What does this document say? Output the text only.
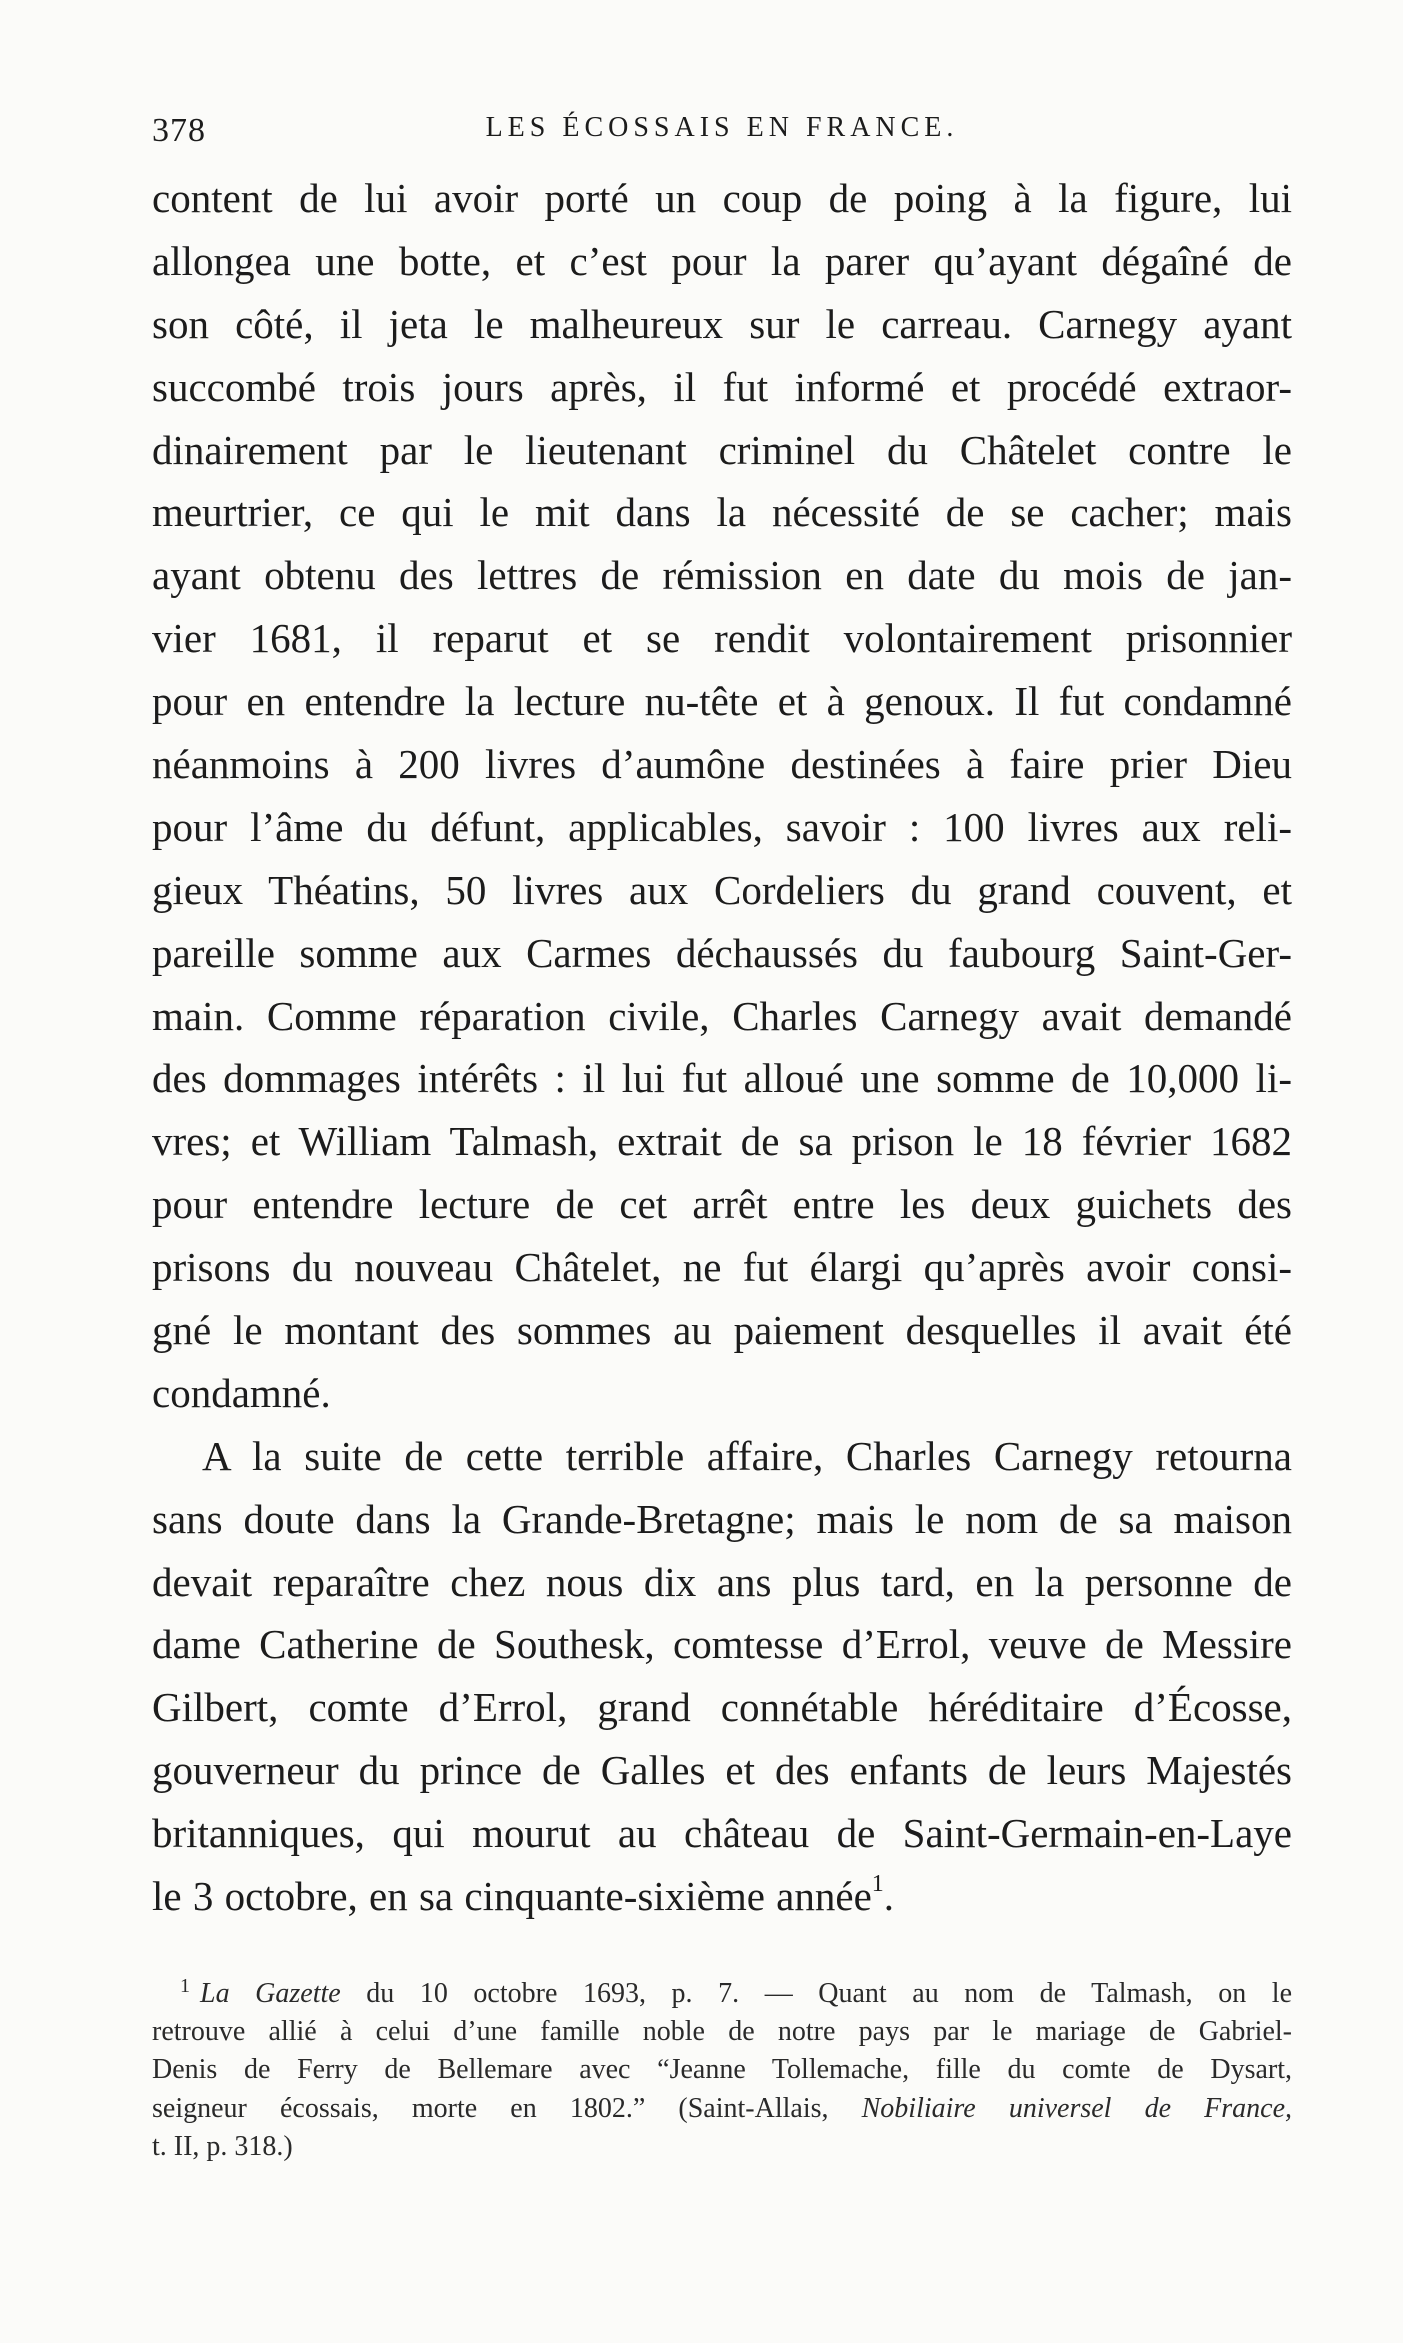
378	LES ÉCOSSAIS EN FRANCE.
content de lui avoir porté un coup de poing à la figure, lui
allongea une botte, et c’est pour la parer qu’ayant dégaîné de
son côté, il jeta le malheureux sur le carreau. Carnegy ayant
succombé trois jours après, il fut informé et procédé extraor-
dinairement par le lieutenant criminel du Châtelet contre le
meurtrier, ce qui le mit dans la nécessité de se cacher; mais
ayant obtenu des lettres de rémission en date du mois de jan-
vier 1681, il reparut et se rendit volontairement prisonnier
pour en entendre la lecture nu-tête et à genoux. Il fut condamné
néanmoins à 200 livres d’aumône destinées à faire prier Dieu
pour l’âme du défunt, applicables, savoir : 100 livres aux reli-
gieux Théatins, 50 livres aux Cordeliers du grand couvent, et
pareille somme aux Carmes déchaussés du faubourg Saint-Ger-
main. Comme réparation civile, Charles Carnegy avait demandé
des dommages intérêts : il lui fut alloué une somme de 10,000 li-
vres; et William Talmash, extrait de sa prison le 18 février 1682
pour entendre lecture de cet arrêt entre les deux guichets des
prisons du nouveau Châtelet, ne fut élargi qu’après avoir consi-
gné le montant des sommes au paiement desquelles il avait été
condamné.
A la suite de cette terrible affaire, Charles Carnegy retourna
sans doute dans la Grande-Bretagne; mais le nom de sa maison
devait reparaître chez nous dix ans plus tard, en la personne de
dame Catherine de Southesk, comtesse d’Errol, veuve de Messire
Gilbert, comte d’Errol, grand connétable héréditaire d’Écosse,
gouverneur du prince de Galles et des enfants de leurs Majestés
britanniques, qui mourut au château de Saint-Germain-en-Laye
le 3 octobre, en sa cinquante-sixième année$^1$.
$^1$ La Gazette du 10 octobre 1693, p. 7. — Quant au nom de Talmash, on le
retrouve allié à celui d’une famille noble de notre pays par le mariage de Gabriel-
Denis de Ferry de Bellemare avec “Jeanne Tollemache, fille du comte de Dysart,
seigneur écossais, morte en 1802.” (Saint-Allais, Nobiliaire universel de France,
t. II, p. 318.)
